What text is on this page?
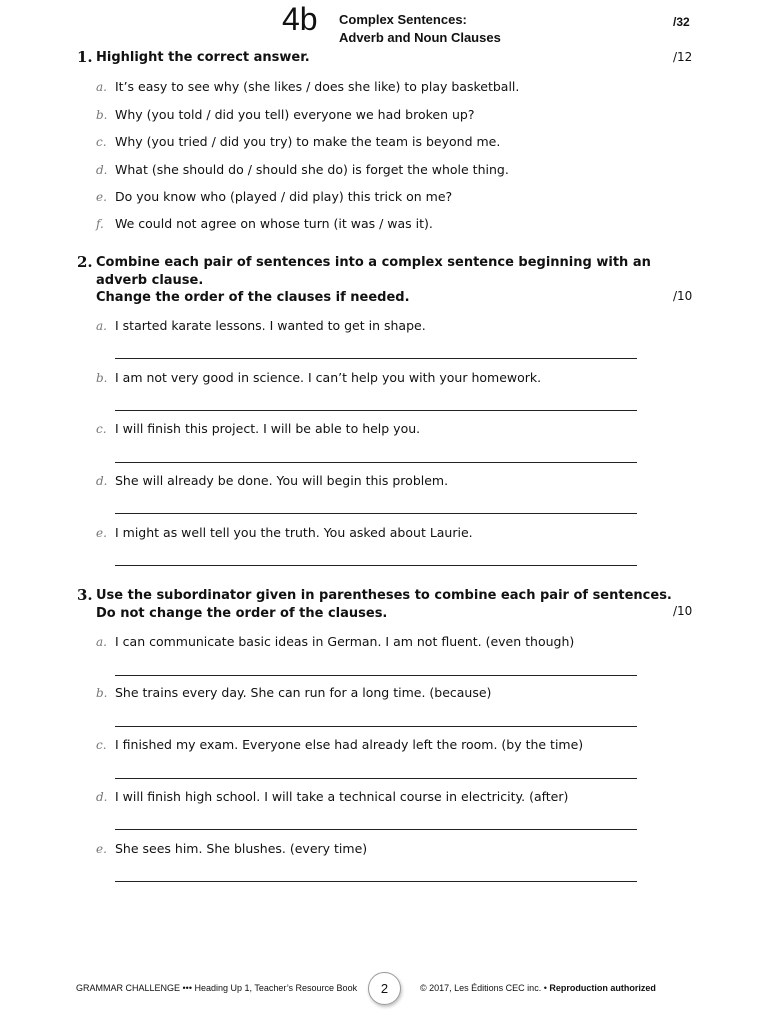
4b Complex Sentences:
Adverb and Noun Clauses
/32
1. Highlight the correct answer.	/12
a. It’s easy to see why (she likes / does she like) to play basketball.
b. Why (you told / did you tell) everyone we had broken up?
c. Why (you tried / did you try) to make the team is beyond me.
d. What (she should do / should she do) is forget the whole thing.
e. Do you know who (played / did play) this trick on me?
f. We could not agree on whose turn (it was / was it).
2. Combine each pair of sentences into a complex sentence beginning with an adverb clause.
Change the order of the clauses if needed.	/10
a. I started karate lessons. I wanted to get in shape.
b. I am not very good in science. I can’t help you with your homework.
c. I will finish this project. I will be able to help you.
d. She will already be done. You will begin this problem.
e. I might as well tell you the truth. You asked about Laurie.
3. Use the subordinator given in parentheses to combine each pair of sentences.
Do not change the order of the clauses.	/10
a. I can communicate basic ideas in German. I am not fluent. (even though)
b. She trains every day. She can run for a long time. (because)
c. I finished my exam. Everyone else had already left the room. (by the time)
d. I will finish high school. I will take a technical course in electricity. (after)
e. She sees him. She blushes. (every time)
GRAMMAR CHALLENGE ••• Heading Up 1, Teacher’s Resource Book	2	© 2017, Les Éditions CEC inc. • Reproduction authorized
